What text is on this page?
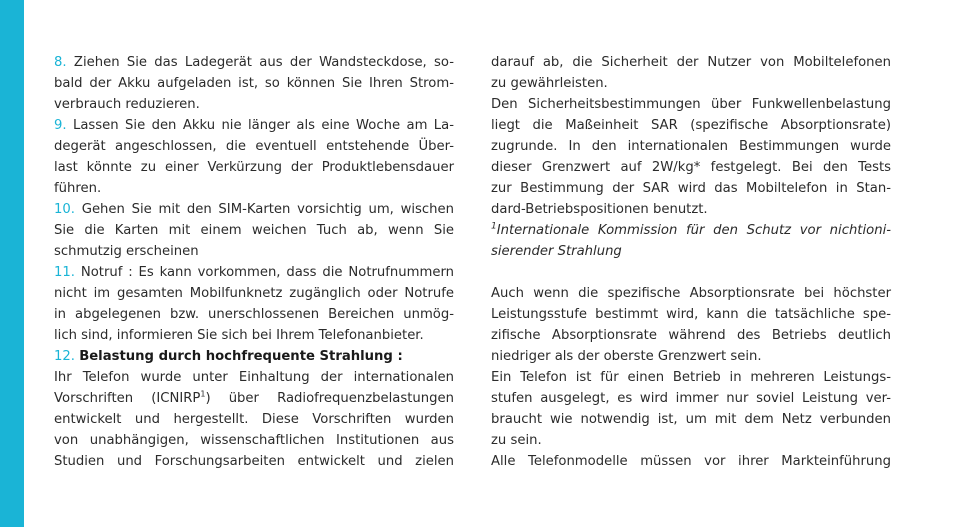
8. Ziehen Sie das Ladegerät aus der Wandsteckdose, so-
bald der Akku aufgeladen ist, so können Sie Ihren Strom-
verbrauch reduzieren.
9. Lassen Sie den Akku nie länger als eine Woche am La-
degerät angeschlossen, die eventuell entstehende Über-
last könnte zu einer Verkürzung der Produktlebensdauer
führen.
10. Gehen Sie mit den SIM-Karten vorsichtig um, wischen
Sie die Karten mit einem weichen Tuch ab, wenn Sie
schmutzig erscheinen
11. Notruf : Es kann vorkommen, dass die Notrufnummern
nicht im gesamten Mobilfunknetz zugänglich oder Notrufe
in abgelegenen bzw. unerschlossenen Bereichen unmög-
lich sind, informieren Sie sich bei Ihrem Telefonanbieter.
12. Belastung durch hochfrequente Strahlung :
Ihr Telefon wurde unter Einhaltung der internationalen
Vorschriften (ICNIRP$^1$) über Radiofrequenzbelastungen
entwickelt und hergestellt. Diese Vorschriften wurden
von unabhängigen, wissenschaftlichen Institutionen aus
Studien und Forschungsarbeiten entwickelt und zielen
darauf ab, die Sicherheit der Nutzer von Mobiltelefonen
zu gewährleisten.
Den Sicherheitsbestimmungen über Funkwellenbelastung
liegt die Maßeinheit SAR (spezifische Absorptionsrate)
zugrunde. In den internationalen Bestimmungen wurde
dieser Grenzwert auf 2W/kg* festgelegt. Bei den Tests
zur Bestimmung der SAR wird das Mobiltelefon in Stan-
dard-Betriebspositionen benutzt.
$^1$Internationale Kommission für den Schutz vor nichtioni-
sierender Strahlung
Auch wenn die spezifische Absorptionsrate bei höchster
Leistungsstufe bestimmt wird, kann die tatsächliche spe-
zifische Absorptionsrate während des Betriebs deutlich
niedriger als der oberste Grenzwert sein.
Ein Telefon ist für einen Betrieb in mehreren Leistungs-
stufen ausgelegt, es wird immer nur soviel Leistung ver-
braucht wie notwendig ist, um mit dem Netz verbunden
zu sein.
Alle Telefonmodelle müssen vor ihrer Markteinführung
